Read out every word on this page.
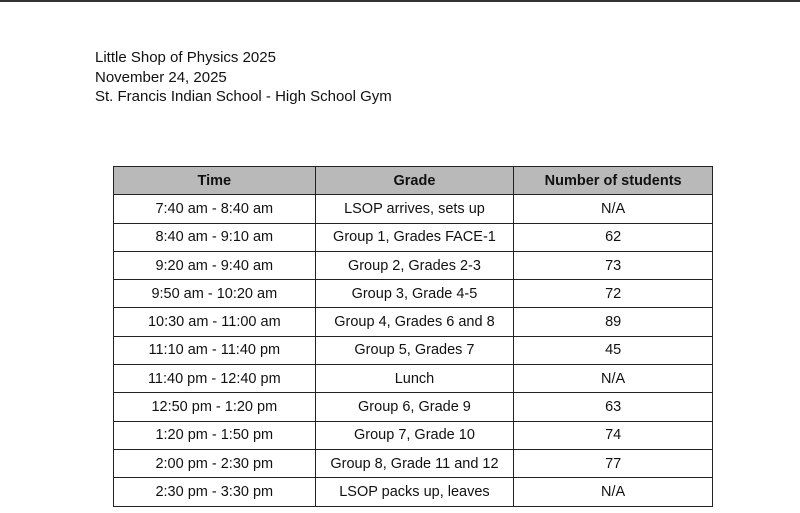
Little Shop of Physics 2025
November 24, 2025
St. Francis Indian School - High School Gym
Time	Grade	Number of students
7:40 am - 8:40 am	LSOP arrives, sets up	N/A
8:40 am - 9:10 am	Group 1, Grades FACE-1	62
9:20 am - 9:40 am	Group 2, Grades 2-3	73
9:50 am - 10:20 am	Group 3, Grade 4-5	72
10:30 am - 11:00 am	Group 4, Grades 6 and 8	89
11:10 am - 11:40 pm	Group 5, Grades 7	45
11:40 pm - 12:40 pm	Lunch	N/A
12:50 pm - 1:20 pm	Group 6, Grade 9	63
1:20 pm - 1:50 pm	Group 7, Grade 10	74
2:00 pm - 2:30 pm	Group 8, Grade 11 and 12	77
2:30 pm - 3:30 pm	LSOP packs up, leaves	N/A
